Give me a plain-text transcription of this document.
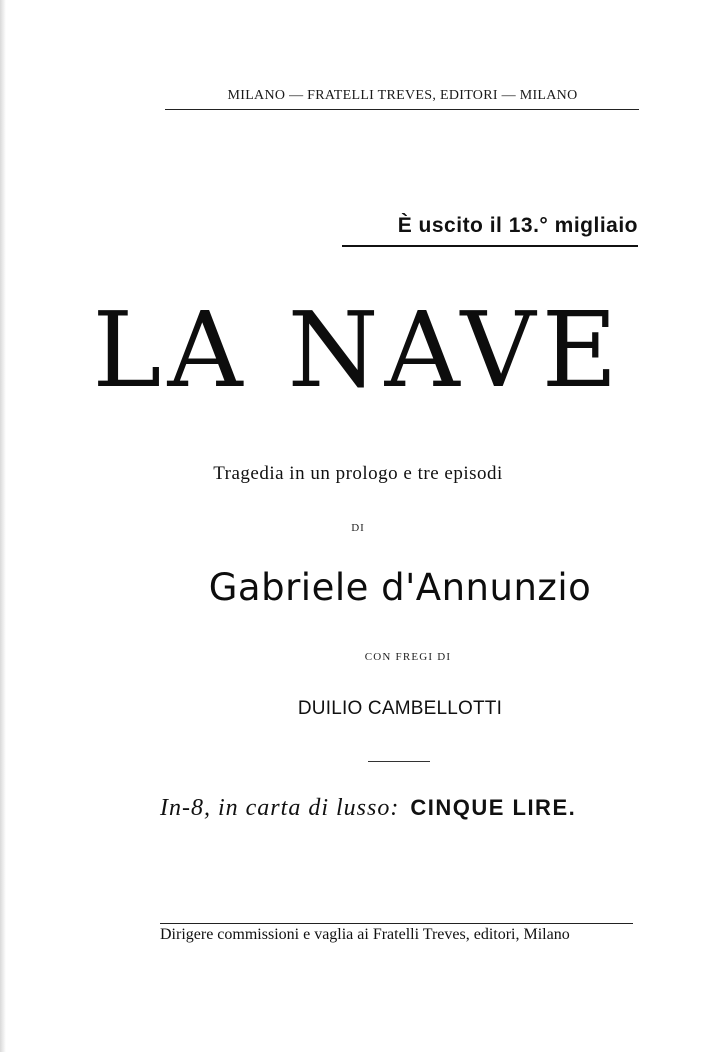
MILANO — FRATELLI TREVES, EDITORI — MILANO
È uscito il 13.° migliaio
LA NAVE
Tragedia in un prologo e tre episodi
DI
Gabriele d'Annunzio
CON FREGI DI
DUILIO CAMBELLOTTI
In-8, in carta di lusso: CINQUE LIRE.
Dirigere commissioni e vaglia ai Fratelli Treves, editori, Milano
